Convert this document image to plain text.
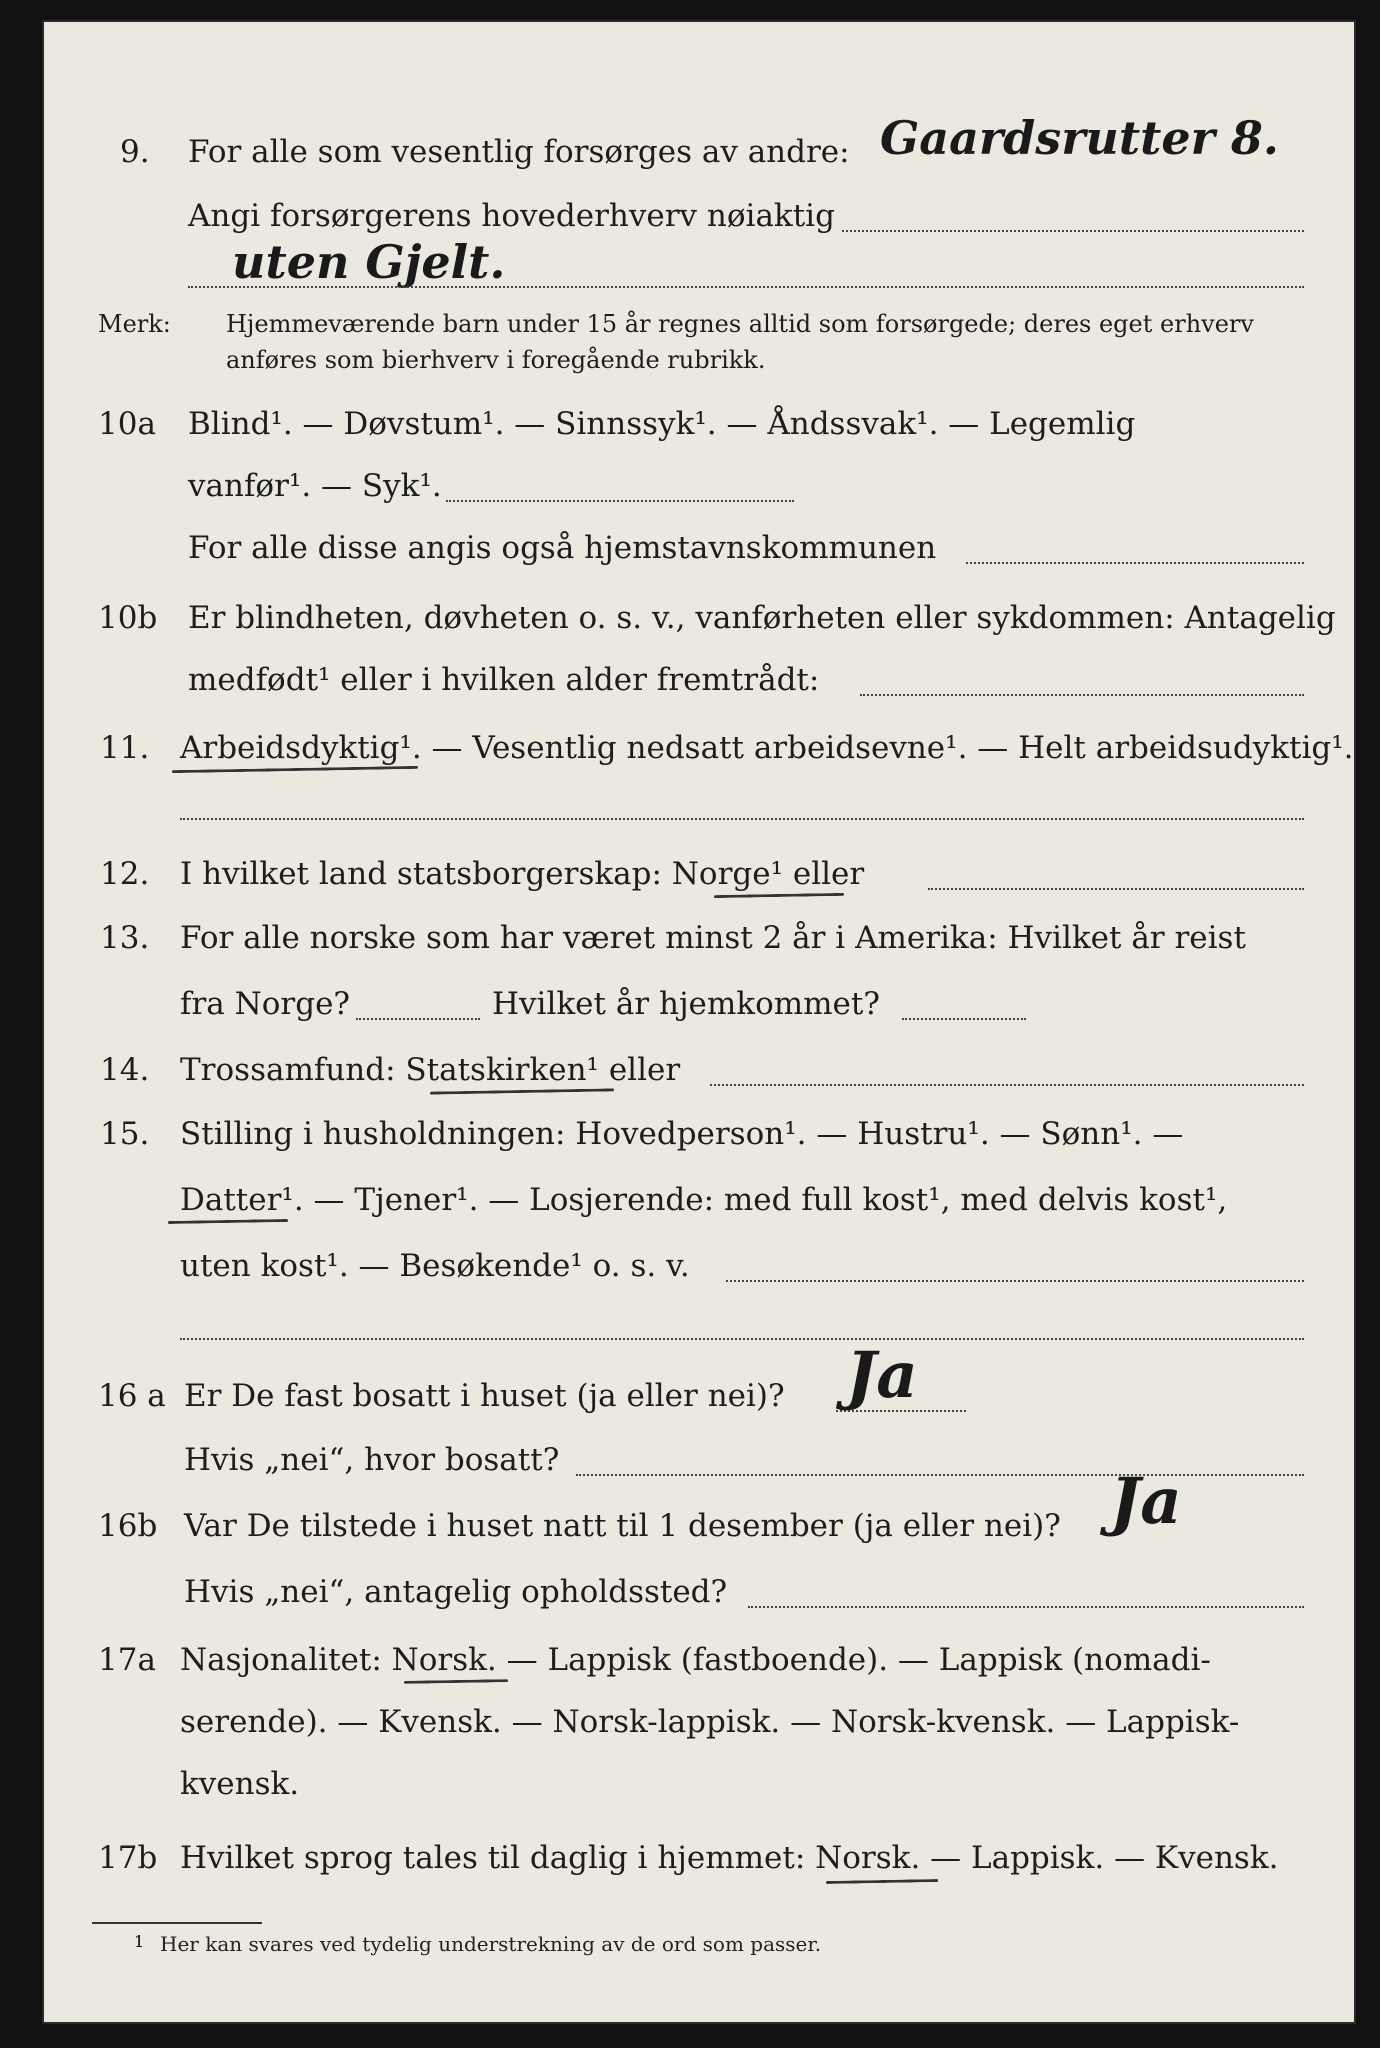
9. For alle som vesentlig forsørges av andre: Gaardsrutter 8.
Angi forsørgerens hovederhverv nøiaktig
uten Gjelt.
Merk: Hjemmeværende barn under 15 år regnes alltid som forsørgede; deres eget erhverv
anføres som bierhverv i foregående rubrikk.
10a Blind¹. — Døvstum¹. — Sinnssyk¹. — Åndssvak¹. — Legemlig
vanfør¹. — Syk¹.
For alle disse angis også hjemstavnskommunen
10b Er blindheten, døvheten o. s. v., vanførheten eller sykdommen: Antagelig
medfødt¹ eller i hvilken alder fremtrådt:
11. Arbeidsdyktig¹. — Vesentlig nedsatt arbeidsevne¹. — Helt arbeidsudyktig¹.
12. I hvilket land statsborgerskap: Norge¹ eller
13. For alle norske som har været minst 2 år i Amerika: Hvilket år reist
fra Norge?	Hvilket år hjemkommet?
14. Trossamfund: Statskirken¹ eller
15. Stilling i husholdningen: Hovedperson¹. — Hustru¹. — Sønn¹. —
Datter¹. — Tjener¹. — Losjerende: med full kost¹, med delvis kost¹,
uten kost¹. — Besøkende¹ o. s. v.
16 a Er De fast bosatt i huset (ja eller nei)? Ja
Hvis „nei“, hvor bosatt?
16b Var De tilstede i huset natt til 1 desember (ja eller nei)? Ja
Hvis „nei“, antagelig opholdssted?
17a Nasjonalitet: Norsk. — Lappisk (fastboende). — Lappisk (nomadi-
serende). — Kvensk. — Norsk-lappisk. — Norsk-kvensk. — Lappisk-
kvensk.
17b Hvilket sprog tales til daglig i hjemmet: Norsk. — Lappisk. — Kvensk.
1 Her kan svares ved tydelig understrekning av de ord som passer.
